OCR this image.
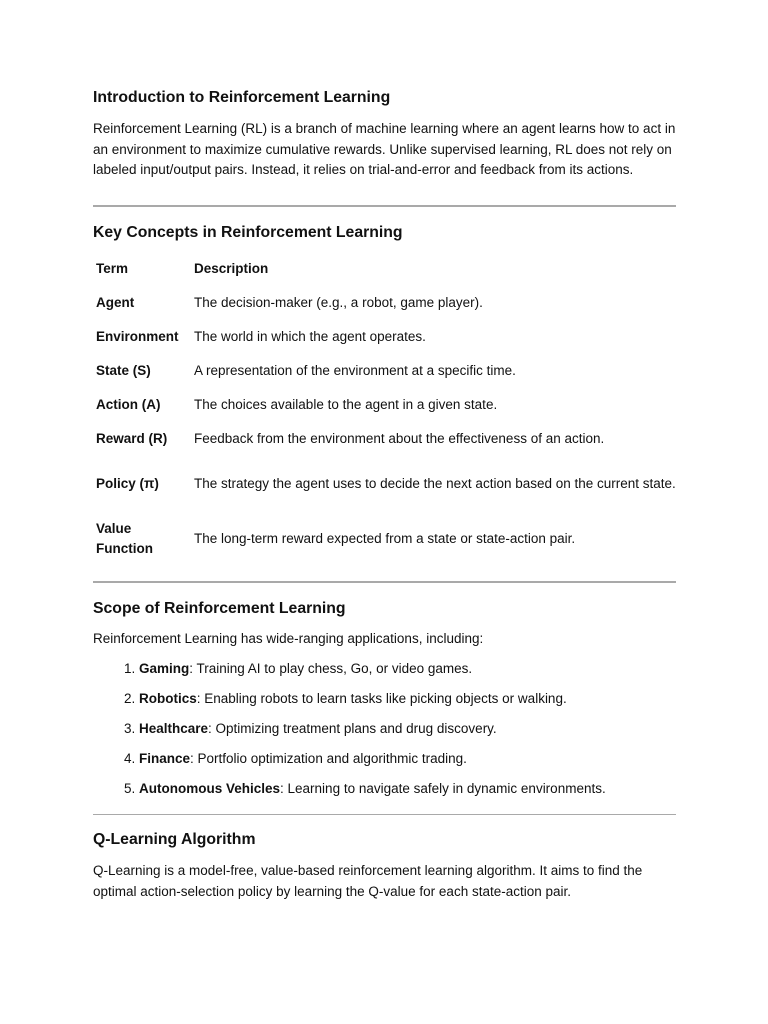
Introduction to Reinforcement Learning

Reinforcement Learning (RL) is a branch of machine learning where an agent learns how to act in an environment to maximize cumulative rewards. Unlike supervised learning, RL does not rely on labeled input/output pairs. Instead, it relies on trial-and-error and feedback from its actions.

Key Concepts in Reinforcement Learning
Term	Description
Agent	The decision-maker (e.g., a robot, game player).
Environment	The world in which the agent operates.
State (S)	A representation of the environment at a specific time.
Action (A)	The choices available to the agent in a given state.
Reward (R)	Feedback from the environment about the effectiveness of an action.
Policy (π)	The strategy the agent uses to decide the next action based on the current state.
Value Function	The long-term reward expected from a state or state-action pair.
Scope of Reinforcement Learning

Reinforcement Learning has wide-ranging applications, including:

1. Gaming: Training AI to play chess, Go, or video games.
2. Robotics: Enabling robots to learn tasks like picking objects or walking.
3. Healthcare: Optimizing treatment plans and drug discovery.
4. Finance: Portfolio optimization and algorithmic trading.
5. Autonomous Vehicles: Learning to navigate safely in dynamic environments.
Q-Learning Algorithm

Q-Learning is a model-free, value-based reinforcement learning algorithm. It aims to find the optimal action-selection policy by learning the Q-value for each state-action pair.
